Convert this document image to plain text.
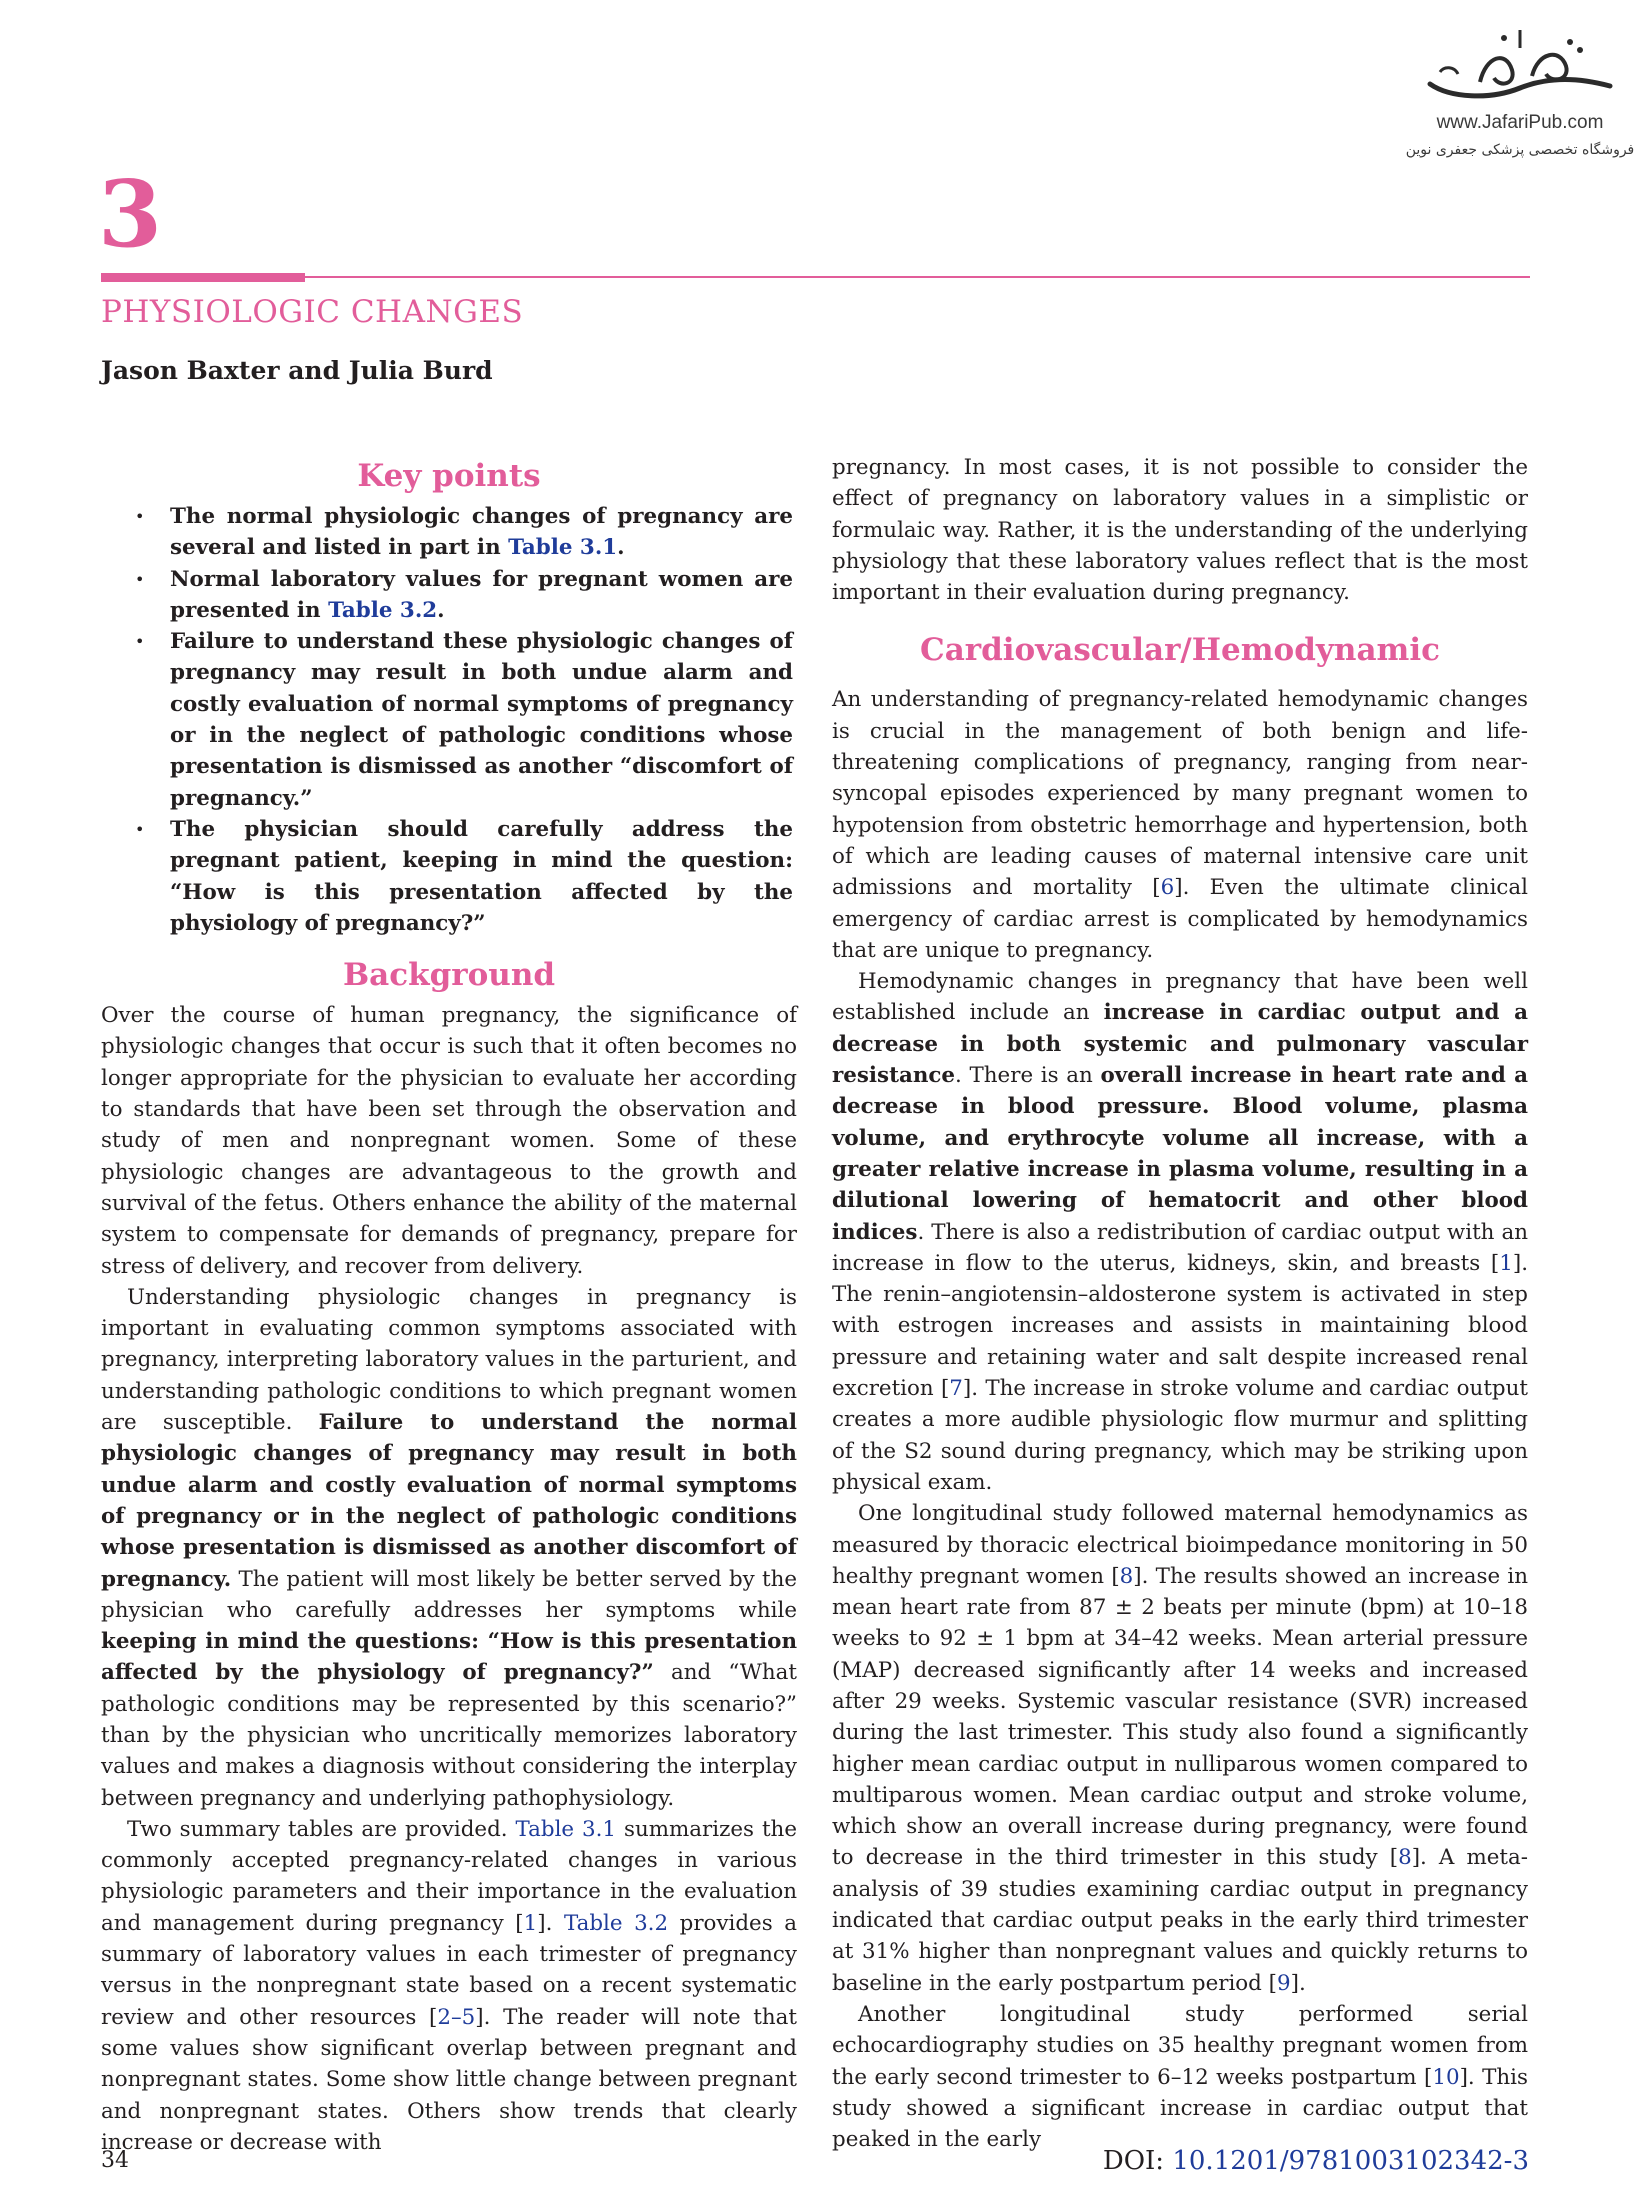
www.JafariPub.com
فروشگاه تخصصی پزشکی جعفری نوین
3
PHYSIOLOGIC CHANGES
Jason Baxter and Julia Burd
Key points
• The normal physiologic changes of pregnancy are several and listed in part in Table 3.1.
• Normal laboratory values for pregnant women are presented in Table 3.2.
• Failure to understand these physiologic changes of pregnancy may result in both undue alarm and costly evaluation of normal symptoms of pregnancy or in the neglect of pathologic conditions whose presentation is dismissed as another “discomfort of pregnancy.”
• The physician should carefully address the pregnant patient, keeping in mind the question: “How is this presentation affected by the physiology of pregnancy?”
Background

Over the course of human pregnancy, the significance of physiologic changes that occur is such that it often becomes no longer appropriate for the physician to evaluate her according to standards that have been set through the observation and study of men and nonpregnant women. Some of these physiologic changes are advantageous to the growth and survival of the fetus. Others enhance the ability of the maternal system to compensate for demands of pregnancy, prepare for stress of delivery, and recover from delivery.

Understanding physiologic changes in pregnancy is important in evaluating common symptoms associated with pregnancy, interpreting laboratory values in the parturient, and understanding pathologic conditions to which pregnant women are susceptible. Failure to understand the normal physiologic changes of pregnancy may result in both undue alarm and costly evaluation of normal symptoms of pregnancy or in the neglect of pathologic conditions whose presentation is dismissed as another discomfort of pregnancy. The patient will most likely be better served by the physician who carefully addresses her symptoms while keeping in mind the questions: “How is this presentation affected by the physiology of pregnancy?” and “What pathologic conditions may be represented by this scenario?” than by the physician who uncritically memorizes laboratory values and makes a diagnosis without considering the interplay between pregnancy and underlying pathophysiology.

Two summary tables are provided. Table 3.1 summarizes the commonly accepted pregnancy-related changes in various physiologic parameters and their importance in the evaluation and management during pregnancy [1]. Table 3.2 provides a summary of laboratory values in each trimester of pregnancy versus in the nonpregnant state based on a recent systematic review and other resources [2–5]. The reader will note that some values show significant overlap between pregnant and nonpregnant states. Some show little change between pregnant and nonpregnant states. Others show trends that clearly increase or decrease with

pregnancy. In most cases, it is not possible to consider the effect of pregnancy on laboratory values in a simplistic or formulaic way. Rather, it is the understanding of the underlying physiology that these laboratory values reflect that is the most important in their evaluation during pregnancy.

Cardiovascular/Hemodynamic

An understanding of pregnancy-related hemodynamic changes is crucial in the management of both benign and life-threatening complications of pregnancy, ranging from near-syncopal episodes experienced by many pregnant women to hypotension from obstetric hemorrhage and hypertension, both of which are leading causes of maternal intensive care unit admissions and mortality [6]. Even the ultimate clinical emergency of cardiac arrest is complicated by hemodynamics that are unique to pregnancy.

Hemodynamic changes in pregnancy that have been well established include an increase in cardiac output and a decrease in both systemic and pulmonary vascular resistance. There is an overall increase in heart rate and a decrease in blood pressure. Blood volume, plasma volume, and erythrocyte volume all increase, with a greater relative increase in plasma volume, resulting in a dilutional lowering of hematocrit and other blood indices. There is also a redistribution of cardiac output with an increase in flow to the uterus, kidneys, skin, and breasts [1]. The renin–angiotensin–aldosterone system is activated in step with estrogen increases and assists in maintaining blood pressure and retaining water and salt despite increased renal excretion [7]. The increase in stroke volume and cardiac output creates a more audible physiologic flow murmur and splitting of the S2 sound during pregnancy, which may be striking upon physical exam.

One longitudinal study followed maternal hemodynamics as measured by thoracic electrical bioimpedance monitoring in 50 healthy pregnant women [8]. The results showed an increase in mean heart rate from 87 ± 2 beats per minute (bpm) at 10–18 weeks to 92 ± 1 bpm at 34–42 weeks. Mean arterial pressure (MAP) decreased significantly after 14 weeks and increased after 29 weeks. Systemic vascular resistance (SVR) increased during the last trimester. This study also found a significantly higher mean cardiac output in nulliparous women compared to multiparous women. Mean cardiac output and stroke volume, which show an overall increase during pregnancy, were found to decrease in the third trimester in this study [8]. A meta-analysis of 39 studies examining cardiac output in pregnancy indicated that cardiac output peaks in the early third trimester at 31% higher than nonpregnant values and quickly returns to baseline in the early postpartum period [9].

Another longitudinal study performed serial echocardiography studies on 35 healthy pregnant women from the early second trimester to 6–12 weeks postpartum [10]. This study showed a significant increase in cardiac output that peaked in the early

34	DOI: 10.1201/9781003102342-3
